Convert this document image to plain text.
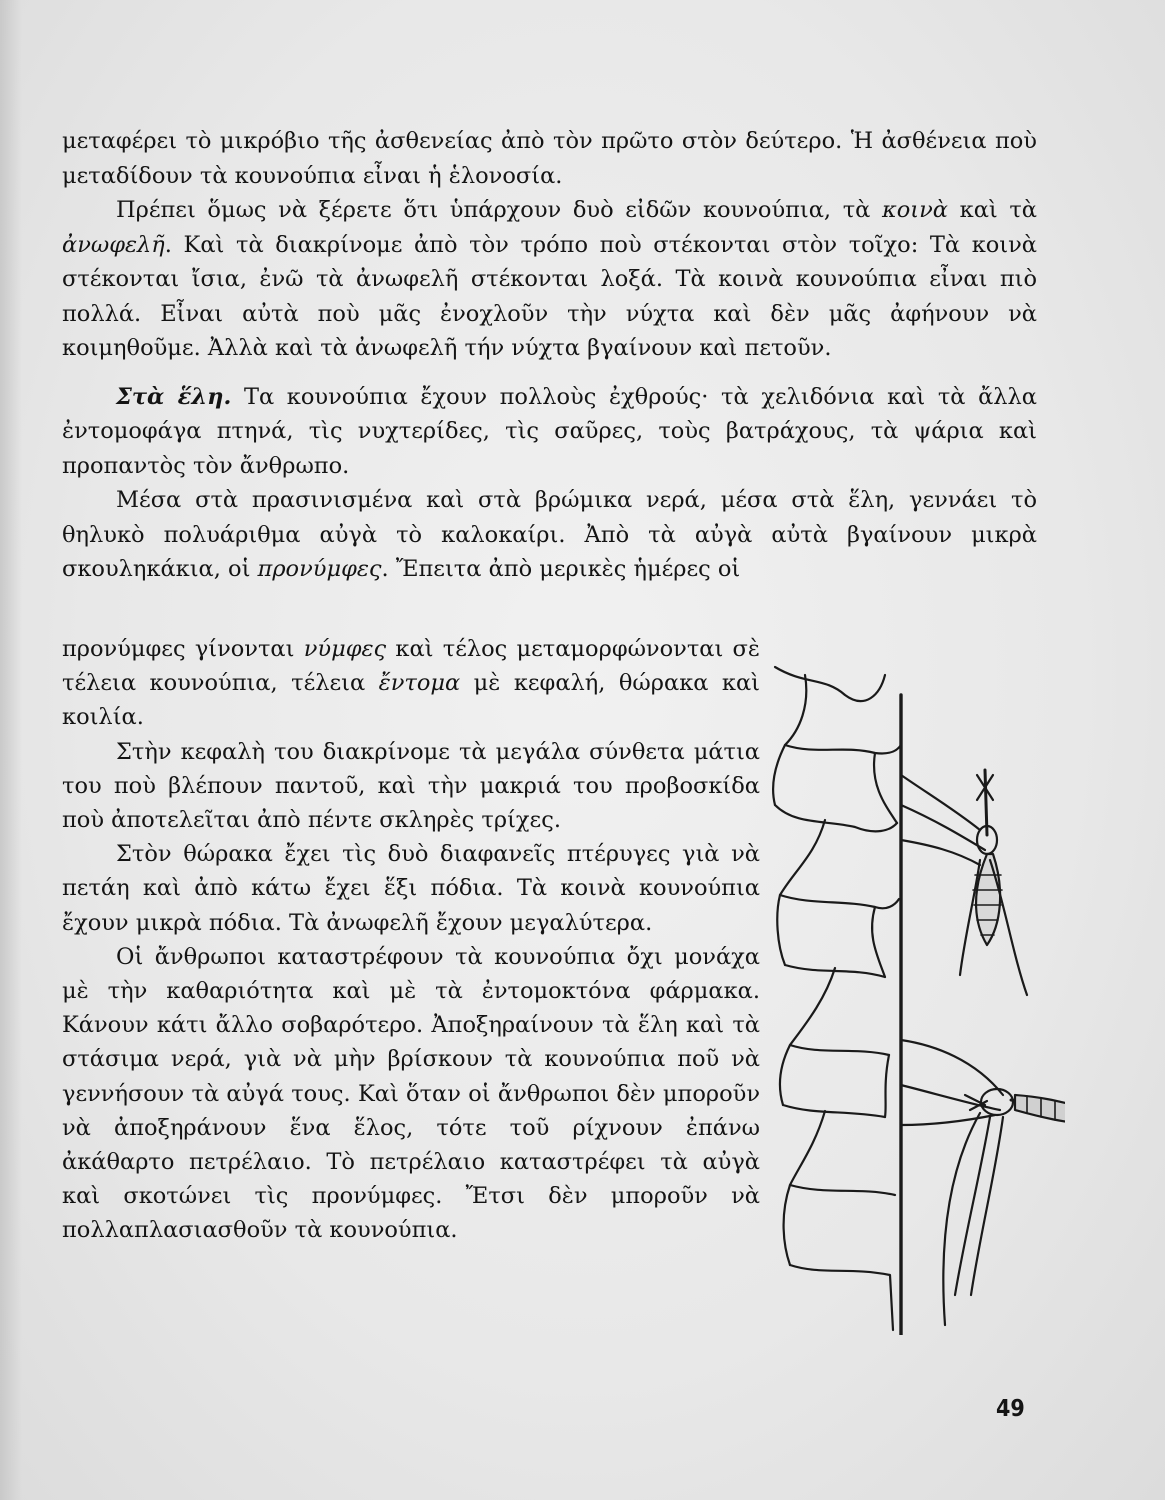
μεταφέρει τὸ μικρόβιο τῆς ἀσθενείας ἀπὸ τὸν πρῶτο στὸν δεύτερο. Ἡ ἀσθένεια ποὺ μεταδίδουν τὰ κουνούπια εἶναι ἡ ἑλονοσία.

Πρέπει ὅμως νὰ ξέρετε ὅτι ὑπάρχουν δυὸ εἰδῶν κουνούπια, τὰ κοινὰ καὶ τὰ ἀνωφελῆ. Καὶ τὰ διακρίνομε ἀπὸ τὸν τρόπο ποὺ στέκονται στὸν τοῖχο: Τὰ κοινὰ στέκονται ἴσια, ἐνῶ τὰ ἀνωφελῆ στέκονται λοξά. Τὰ κοινὰ κουνούπια εἶναι πιὸ πολλά. Εἶναι αὐτὰ ποὺ μᾶς ἐνοχλοῦν τὴν νύχτα καὶ δὲν μᾶς ἀφήνουν νὰ κοιμηθοῦμε. Ἀλλὰ καὶ τὰ ἀνωφελῆ τήν νύχτα βγαίνουν καὶ πετοῦν.

Στὰ ἕλη. Τα κουνούπια ἔχουν πολλοὺς ἐχθρούς· τὰ χελιδόνια καὶ τὰ ἄλλα ἐντομοφάγα πτηνά, τὶς νυχτερίδες, τὶς σαῦρες, τοὺς βατράχους, τὰ ψάρια καὶ προπαντὸς τὸν ἄνθρωπο.

Μέσα στὰ πρασινισμένα καὶ στὰ βρώμικα νερά, μέσα στὰ ἕλη, γεννάει τὸ θηλυκὸ πολυάριθμα αὐγὰ τὸ καλοκαίρι. Ἀπὸ τὰ αὐγὰ αὐτὰ βγαίνουν μικρὰ σκουληκάκια, οἱ προνύμφες. Ἔπειτα ἀπὸ μερικὲς ἡμέρες οἱ

προνύμφες γίνονται νύμφες καὶ τέλος μεταμορφώνονται σὲ τέλεια κουνούπια, τέλεια ἔντομα μὲ κεφαλή, θώρακα καὶ κοιλία.

Στὴν κεφαλὴ του διακρίνομε τὰ μεγάλα σύνθετα μάτια του ποὺ βλέπουν παντοῦ, καὶ τὴν μακριά του προβοσκίδα ποὺ ἀποτελεῖται ἀπὸ πέντε σκληρὲς τρίχες.

Στὸν θώρακα ἔχει τὶς δυὸ διαφανεῖς πτέρυγες γιὰ νὰ πετάη καὶ ἀπὸ κάτω ἔχει ἕξι πόδια. Τὰ κοινὰ κουνούπια ἔχουν μικρὰ πόδια. Τὰ ἀνωφελῆ ἔχουν μεγαλύτερα.

Οἱ ἄνθρωποι καταστρέφουν τὰ κουνούπια ὄχι μονάχα μὲ τὴν καθαριότητα καὶ μὲ τὰ ἐντομοκτόνα φάρμακα. Κάνουν κάτι ἄλλο σοβαρότερο. Ἀποξηραίνουν τὰ ἕλη καὶ τὰ στάσιμα νερά, γιὰ νὰ μὴν βρίσκουν τὰ κουνούπια ποῦ νὰ γεννήσουν τὰ αὐγά τους. Καὶ ὅταν οἱ ἄνθρωποι δὲν μποροῦν νὰ ἀποξηράνουν ἕνα ἕλος, τότε τοῦ ρίχνουν ἐπάνω ἀκάθαρτο πετρέλαιο. Τὸ πετρέλαιο καταστρέφει τὰ αὐγὰ καὶ σκοτώνει τὶς προνύμφες. Ἔτσι δὲν μποροῦν νὰ πολλαπλασιασθοῦν τὰ κουνούπια.

49
